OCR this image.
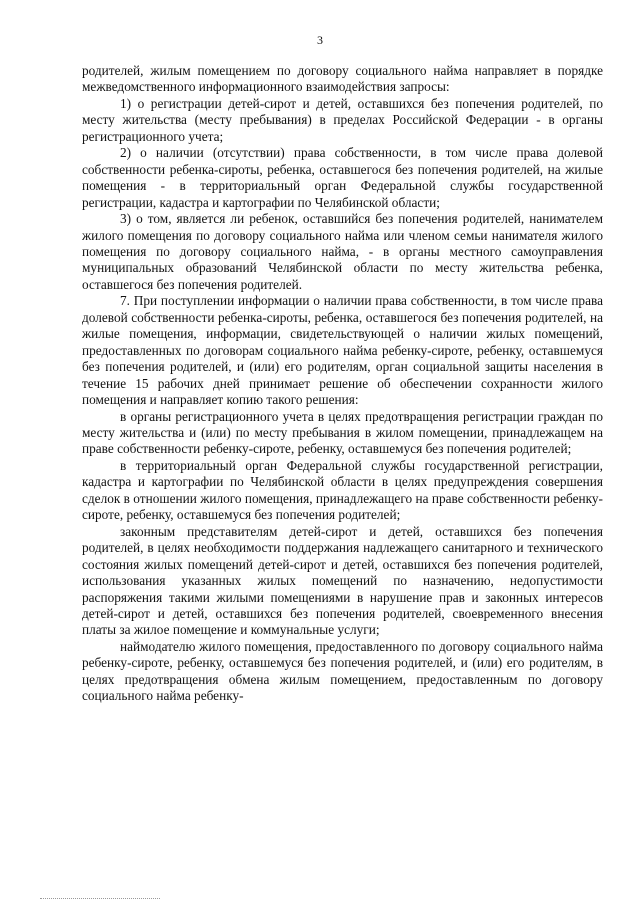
3

родителей, жилым помещением по договору социального найма направляет в порядке межведомственного информационного взаимодействия запросы:

1) о регистрации детей-сирот и детей, оставшихся без попечения родителей, по месту жительства (месту пребывания) в пределах Российской Федерации - в органы регистрационного учета;

2) о наличии (отсутствии) права собственности, в том числе права долевой собственности ребенка-сироты, ребенка, оставшегося без попечения родителей, на жилые помещения - в территориальный орган Федеральной службы государственной регистрации, кадастра и картографии по Челябинской области;

3) о том, является ли ребенок, оставшийся без попечения родителей, нанимателем жилого помещения по договору социального найма или членом семьи нанимателя жилого помещения по договору социального найма, - в органы местного самоуправления муниципальных образований Челябинской области по месту жительства ребенка, оставшегося без попечения родителей.

7. При поступлении информации о наличии права собственности, в том числе права долевой собственности ребенка-сироты, ребенка, оставшегося без попечения родителей, на жилые помещения, информации, свидетельствующей о наличии жилых помещений, предоставленных по договорам социального найма ребенку-сироте, ребенку, оставшемуся без попечения родителей, и (или) его родителям, орган социальной защиты населения в течение 15 рабочих дней принимает решение об обеспечении сохранности жилого помещения и направляет копию такого решения:

в органы регистрационного учета в целях предотвращения регистрации граждан по месту жительства и (или) по месту пребывания в жилом помещении, принадлежащем на праве собственности ребенку-сироте, ребенку, оставшемуся без попечения родителей;

в территориальный орган Федеральной службы государственной регистрации, кадастра и картографии по Челябинской области в целях предупреждения совершения сделок в отношении жилого помещения, принадлежащего на праве собственности ребенку-сироте, ребенку, оставшемуся без попечения родителей;

законным представителям детей-сирот и детей, оставшихся без попечения родителей, в целях необходимости поддержания надлежащего санитарного и технического состояния жилых помещений детей-сирот и детей, оставшихся без попечения родителей, использования указанных жилых помещений по назначению, недопустимости распоряжения такими жилыми помещениями в нарушение прав и законных интересов детей-сирот и детей, оставшихся без попечения родителей, своевременного внесения платы за жилое помещение и коммунальные услуги;

наймодателю жилого помещения, предоставленного по договору социального найма ребенку-сироте, ребенку, оставшемуся без попечения родителей, и (или) его родителям, в целях предотвращения обмена жилым помещением, предоставленным по договору социального найма ребенку-
